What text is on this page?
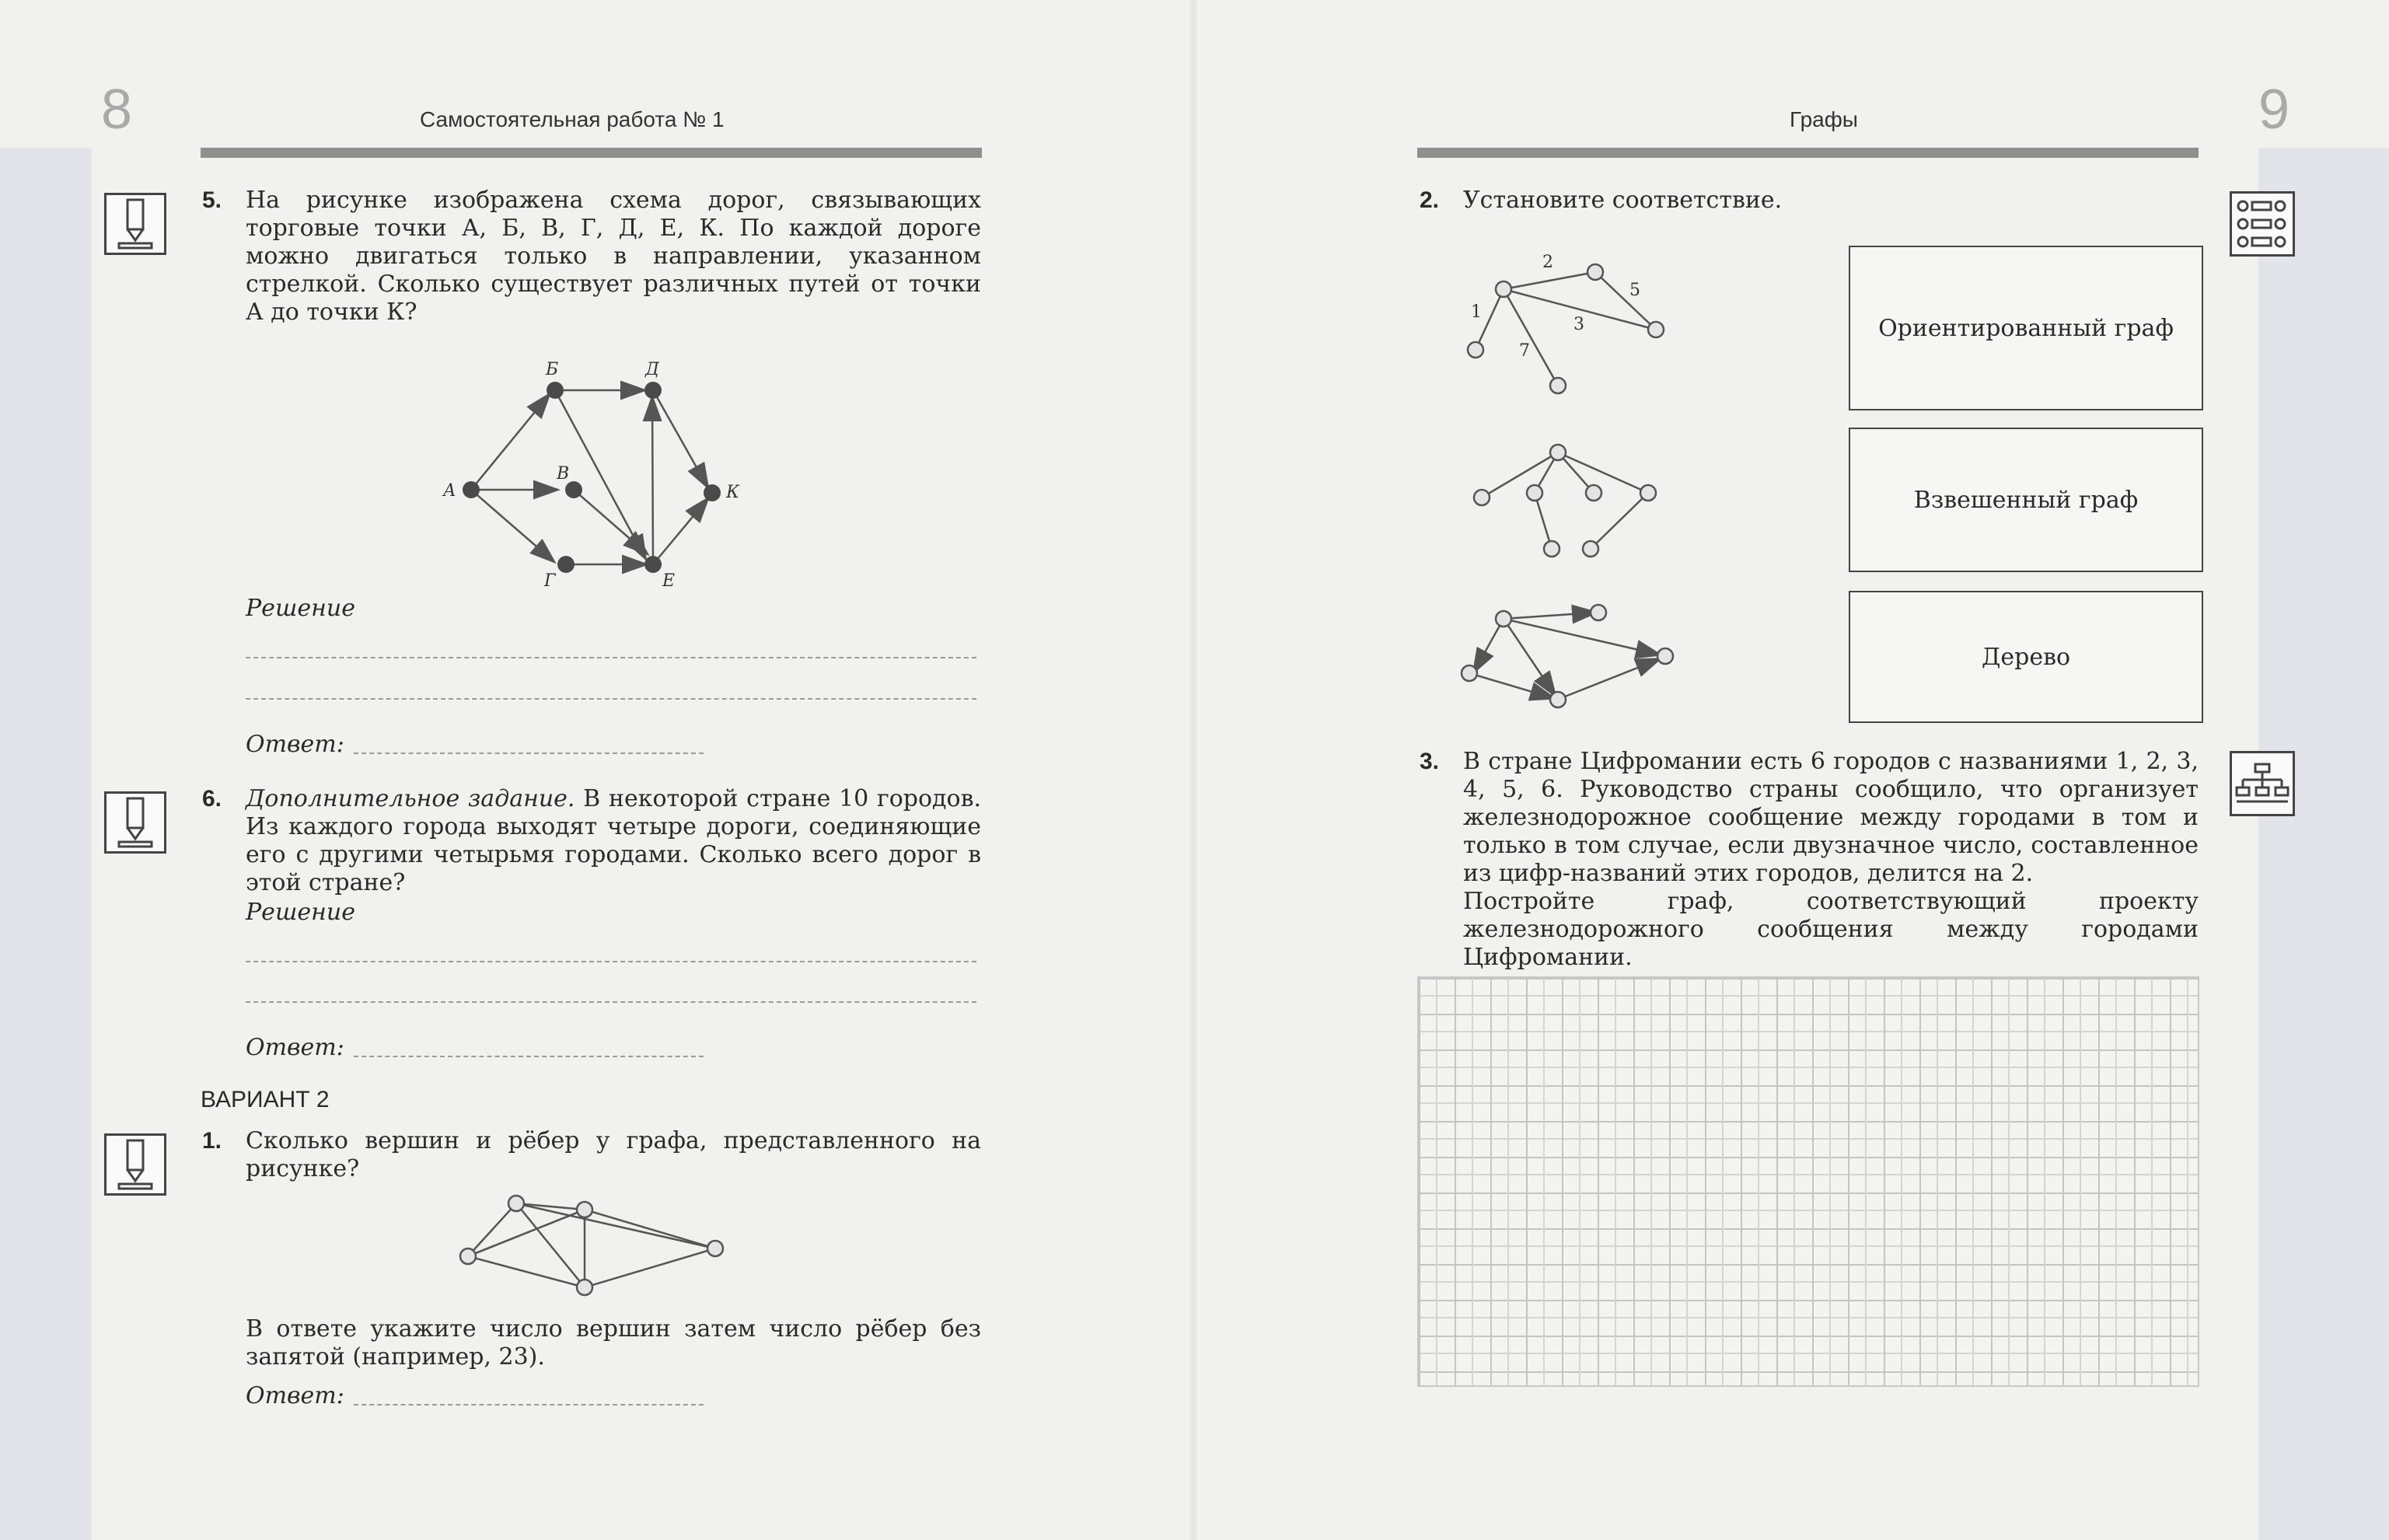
8	Самостоятельная работа № 1
5. На рисунке изображена схема дорог, связывающих торговые точки А, Б, В, Г, Д, Е, К. По каждой дороге можно двигаться только в направлении, указанном стрелкой. Сколько существует различных путей от точки А до точки К?
А
Б
В
Г
Д
Е
К
Решение
Ответ:
6. Дополнительное задание. В некоторой стране 10 городов. Из каждого города выходят четыре дороги, соединяющие его с другими четырьмя городами. Сколько всего дорог в этой стране?
Решение
Ответ:
ВАРИАНТ 2
1. Сколько вершин и рёбер у графа, представленного на рисунке?
В ответе укажите число вершин затем число рёбер без запятой (например, 23).
Ответ:
Графы	9
2. Установите соответствие.
2
5
1
3
7
Ориентированный граф
Взвешенный граф
Дерево
3. В стране Цифромании есть 6 городов с названиями 1, 2, 3, 4, 5, 6. Руководство страны сообщило, что организует железнодорожное сообщение между городами в том и только в том случае, если двузначное число, составленное из цифр-названий этих городов, делится на 2.
Постройте граф, соответствующий проекту железнодорожного сообщения между городами Цифромании.
